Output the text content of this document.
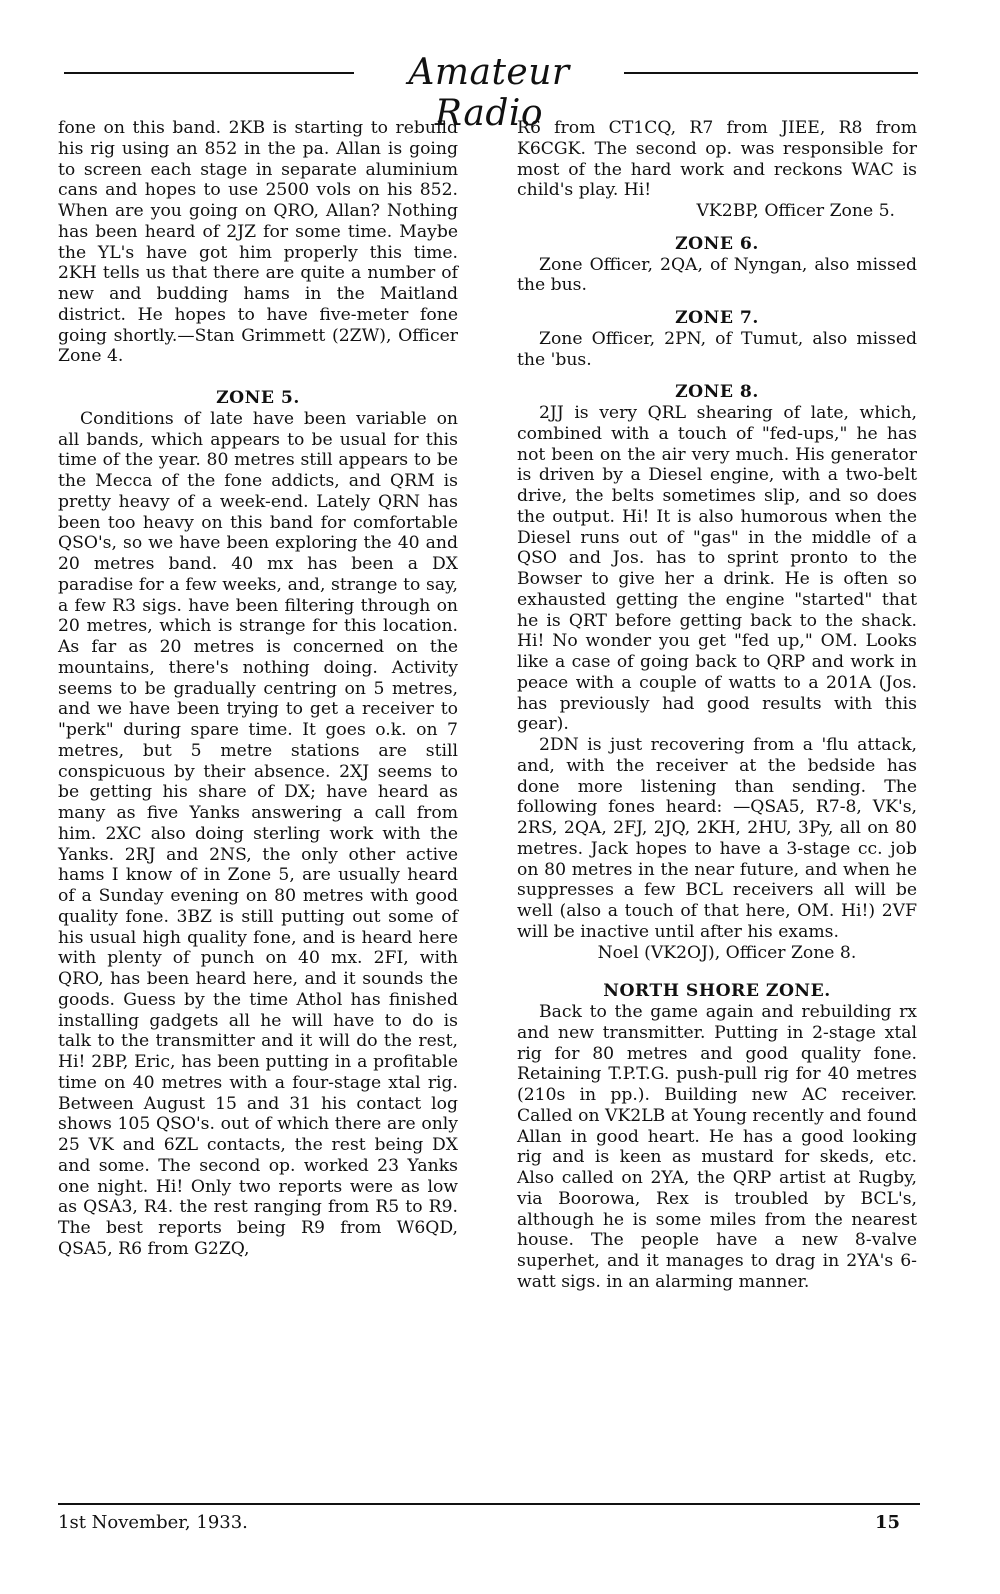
Amateur Radio

fone on this band. 2KB is starting to rebuild his rig using an 852 in the pa. Allan is going to screen each stage in separate aluminium cans and hopes to use 2500 vols on his 852. When are you going on QRO, Allan? Nothing has been heard of 2JZ for some time. Maybe the YL's have got him properly this time. 2KH tells us that there are quite a number of new and budding hams in the Maitland district. He hopes to have five-meter fone going shortly.—Stan Grimmett (2ZW), Officer Zone 4.

ZONE 5.

Conditions of late have been variable on all bands, which appears to be usual for this time of the year. 80 metres still appears to be the Mecca of the fone addicts, and QRM is pretty heavy of a week-end. Lately QRN has been too heavy on this band for comfortable QSO's, so we have been exploring the 40 and 20 metres band. 40 mx has been a DX paradise for a few weeks, and, strange to say, a few R3 sigs. have been filtering through on 20 metres, which is strange for this location. As far as 20 metres is concerned on the mountains, there's nothing doing. Activity seems to be gradually centring on 5 metres, and we have been trying to get a receiver to "perk" during spare time. It goes o.k. on 7 metres, but 5 metre stations are still conspicuous by their absence. 2XJ seems to be getting his share of DX; have heard as many as five Yanks answering a call from him. 2XC also doing sterling work with the Yanks. 2RJ and 2NS, the only other active hams I know of in Zone 5, are usually heard of a Sunday evening on 80 metres with good quality fone. 3BZ is still putting out some of his usual high quality fone, and is heard here with plenty of punch on 40 mx. 2FI, with QRO, has been heard here, and it sounds the goods. Guess by the time Athol has finished installing gadgets all he will have to do is talk to the transmitter and it will do the rest, Hi! 2BP, Eric, has been putting in a profitable time on 40 metres with a four-stage xtal rig. Between August 15 and 31 his contact log shows 105 QSO's. out of which there are only 25 VK and 6ZL contacts, the rest being DX and some. The second op. worked 23 Yanks one night. Hi! Only two reports were as low as QSA3, R4. the rest ranging from R5 to R9. The best reports being R9 from W6QD, QSA5, R6 from G2ZQ,

R6 from CT1CQ, R7 from JIEE, R8 from K6CGK. The second op. was responsible for most of the hard work and reckons WAC is child's play. Hi!

VK2BP, Officer Zone 5.

ZONE 6.

Zone Officer, 2QA, of Nyngan, also missed the bus.

ZONE 7.

Zone Officer, 2PN, of Tumut, also missed the 'bus.

ZONE 8.

2JJ is very QRL shearing of late, which, combined with a touch of "fed-ups," he has not been on the air very much. His generator is driven by a Diesel engine, with a two-belt drive, the belts sometimes slip, and so does the output. Hi! It is also humorous when the Diesel runs out of "gas" in the middle of a QSO and Jos. has to sprint pronto to the Bowser to give her a drink. He is often so exhausted getting the engine "started" that he is QRT before getting back to the shack. Hi! No wonder you get "fed up," OM. Looks like a case of going back to QRP and work in peace with a couple of watts to a 201A (Jos. has previously had good results with this gear).

2DN is just recovering from a 'flu attack, and, with the receiver at the bedside has done more listening than sending. The following fones heard: —QSA5, R7-8, VK's, 2RS, 2QA, 2FJ, 2JQ, 2KH, 2HU, 3Py, all on 80 metres. Jack hopes to have a 3-stage cc. job on 80 metres in the near future, and when he suppresses a few BCL receivers all will be well (also a touch of that here, OM. Hi!) 2VF will be inactive until after his exams.

Noel (VK2OJ), Officer Zone 8.

NORTH SHORE ZONE.

Back to the game again and rebuilding rx and new transmitter. Putting in 2-stage xtal rig for 80 metres and good quality fone. Retaining T.P.T.G. push-pull rig for 40 metres (210s in pp.). Building new AC receiver. Called on VK2LB at Young recently and found Allan in good heart. He has a good looking rig and is keen as mustard for skeds, etc. Also called on 2YA, the QRP artist at Rugby, via Boorowa, Rex is troubled by BCL's, although he is some miles from the nearest house. The people have a new 8-valve superhet, and it manages to drag in 2YA's 6-watt sigs. in an alarming manner.

1st November, 1933.	15
